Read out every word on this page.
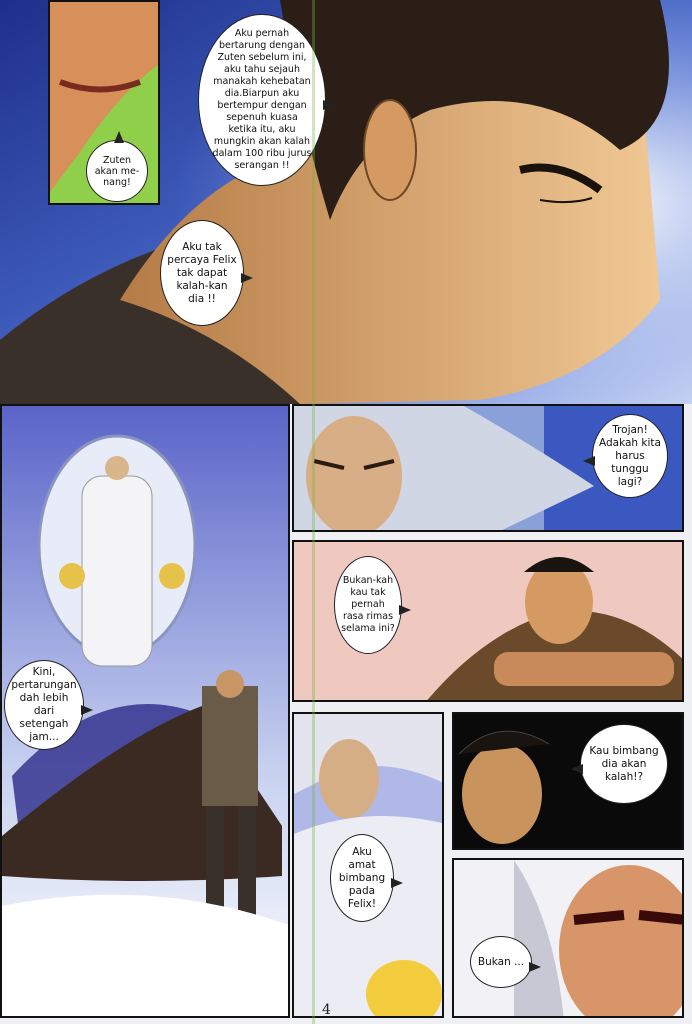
Zuten akan me-nang!
Aku pernah bertarung dengan Zuten sebelum ini, aku tahu sejauh manakah kehebatan dia.Biarpun aku bertempur dengan sepenuh kuasa ketika itu, aku mungkin akan kalah dalam 100 ribu jurus serangan !!
Aku tak percaya Felix tak dapat kalah-kan dia !!
Kini, pertarungan dah lebih dari setengah jam...
Trojan! Adakah kita harus tunggu lagi?
Bukan-kah kau tak pernah rasa rimas selama ini?
Aku amat bimbang pada Felix!
Kau bimbang dia akan kalah!?
Bukan ...
4
